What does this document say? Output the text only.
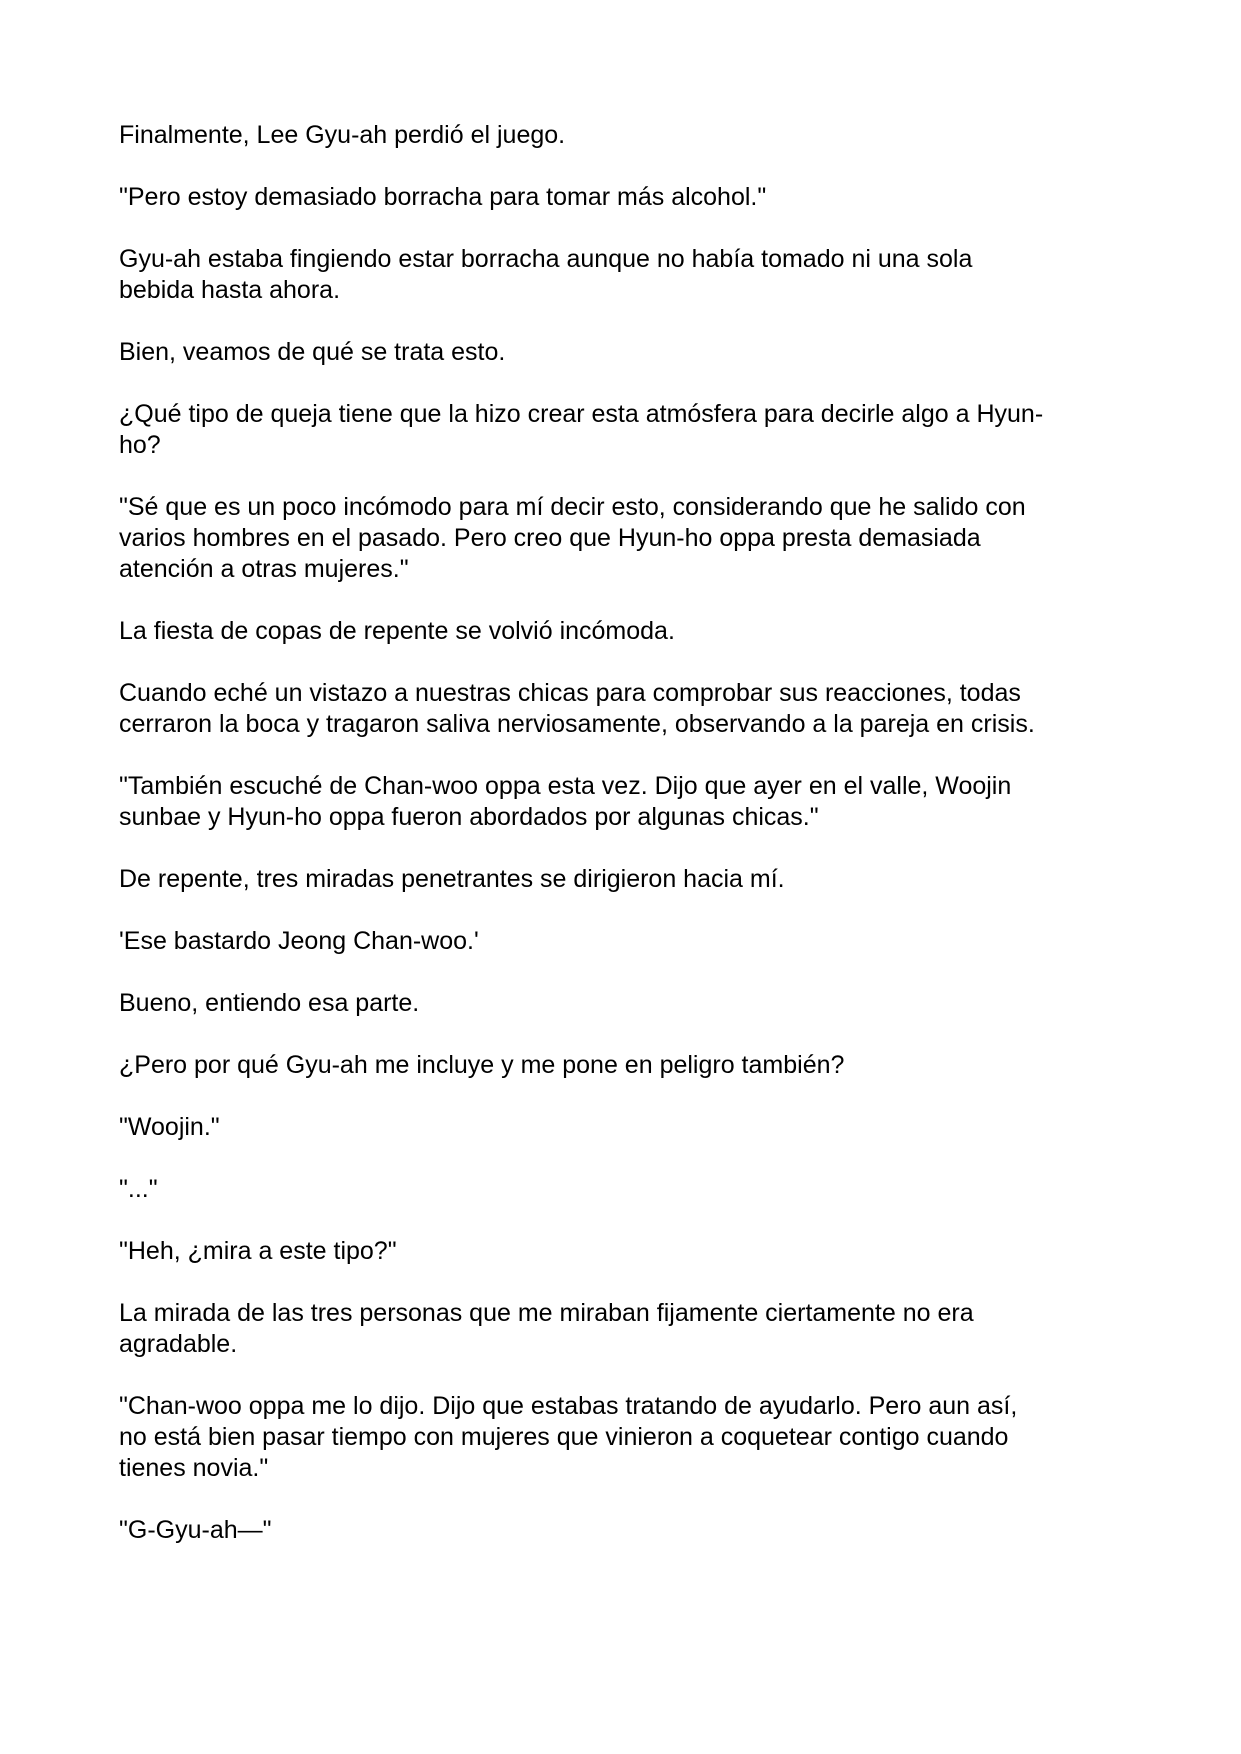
Finalmente, Lee Gyu-ah perdió el juego.

"Pero estoy demasiado borracha para tomar más alcohol."

Gyu-ah estaba fingiendo estar borracha aunque no había tomado ni una sola
bebida hasta ahora.

Bien, veamos de qué se trata esto.

¿Qué tipo de queja tiene que la hizo crear esta atmósfera para decirle algo a Hyun-
ho?

"Sé que es un poco incómodo para mí decir esto, considerando que he salido con
varios hombres en el pasado. Pero creo que Hyun-ho oppa presta demasiada
atención a otras mujeres."

La fiesta de copas de repente se volvió incómoda.

Cuando eché un vistazo a nuestras chicas para comprobar sus reacciones, todas
cerraron la boca y tragaron saliva nerviosamente, observando a la pareja en crisis.

"También escuché de Chan-woo oppa esta vez. Dijo que ayer en el valle, Woojin
sunbae y Hyun-ho oppa fueron abordados por algunas chicas."

De repente, tres miradas penetrantes se dirigieron hacia mí.

'Ese bastardo Jeong Chan-woo.'

Bueno, entiendo esa parte.

¿Pero por qué Gyu-ah me incluye y me pone en peligro también?

"Woojin."

"..."

"Heh, ¿mira a este tipo?"

La mirada de las tres personas que me miraban fijamente ciertamente no era
agradable.

"Chan-woo oppa me lo dijo. Dijo que estabas tratando de ayudarlo. Pero aun así,
no está bien pasar tiempo con mujeres que vinieron a coquetear contigo cuando
tienes novia."

"G-Gyu-ah—"
